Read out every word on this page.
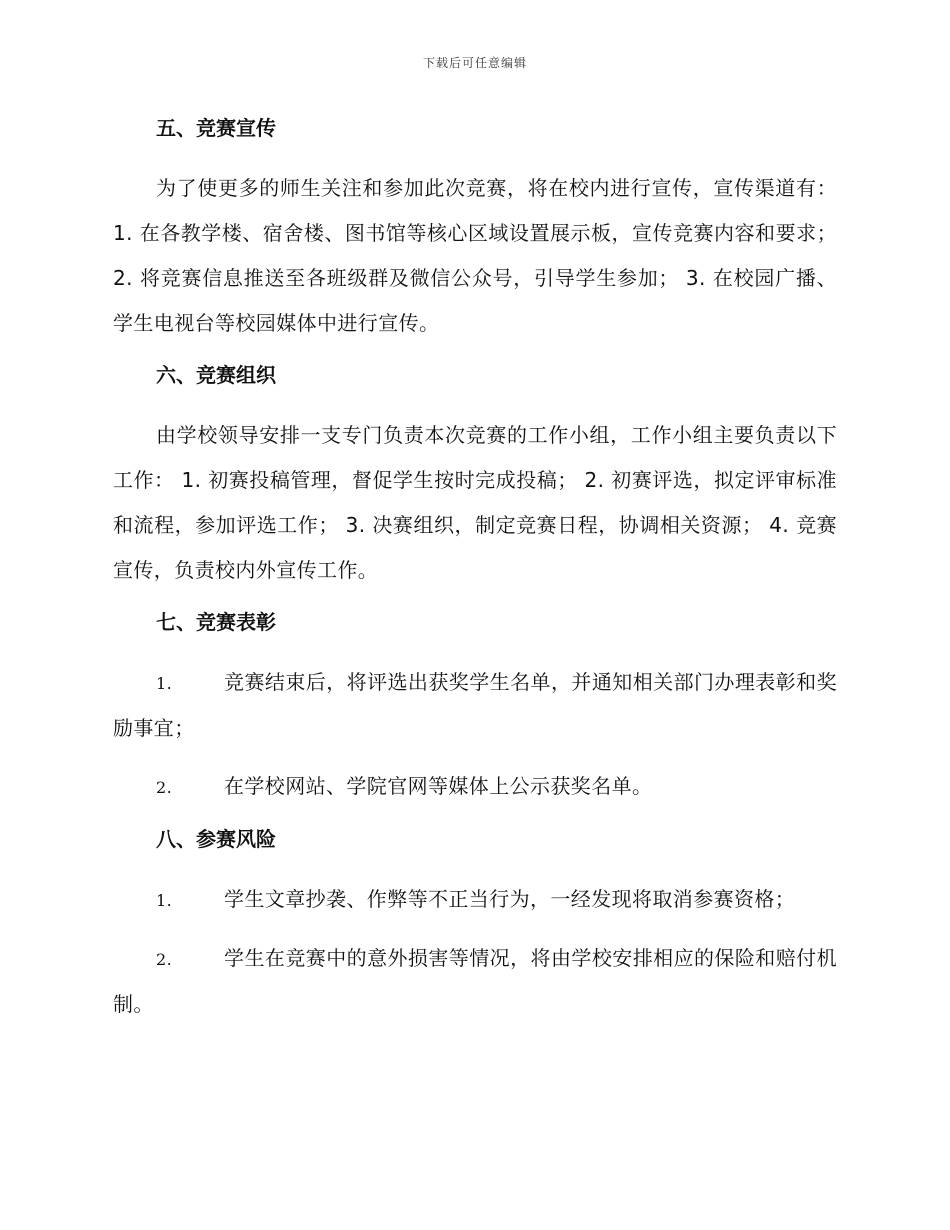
下载后可任意编辑
五、竞赛宣传

为了使更多的师生关注和参加此次竞赛，将在校内进行宣传，宣传渠道有： 1. 在各教学楼、宿舍楼、图书馆等核心区域设置展示板，宣传竞赛内容和要求； 2. 将竞赛信息推送至各班级群及微信公众号，引导学生参加； 3. 在校园广播、学生电视台等校园媒体中进行宣传。

六、竞赛组织

由学校领导安排一支专门负责本次竞赛的工作小组，工作小组主要负责以下工作： 1. 初赛投稿管理，督促学生按时完成投稿； 2. 初赛评选，拟定评审标准和流程，参加评选工作； 3. 决赛组织，制定竞赛日程，协调相关资源； 4. 竞赛宣传，负责校内外宣传工作。

七、竞赛表彰

1.	竞赛结束后，将评选出获奖学生名单，并通知相关部门办理表彰和奖励事宜；

2.	在学校网站、学院官网等媒体上公示获奖名单。

八、参赛风险

1.	学生文章抄袭、作弊等不正当行为，一经发现将取消参赛资格；

2.	学生在竞赛中的意外损害等情况，将由学校安排相应的保险和赔付机制。
